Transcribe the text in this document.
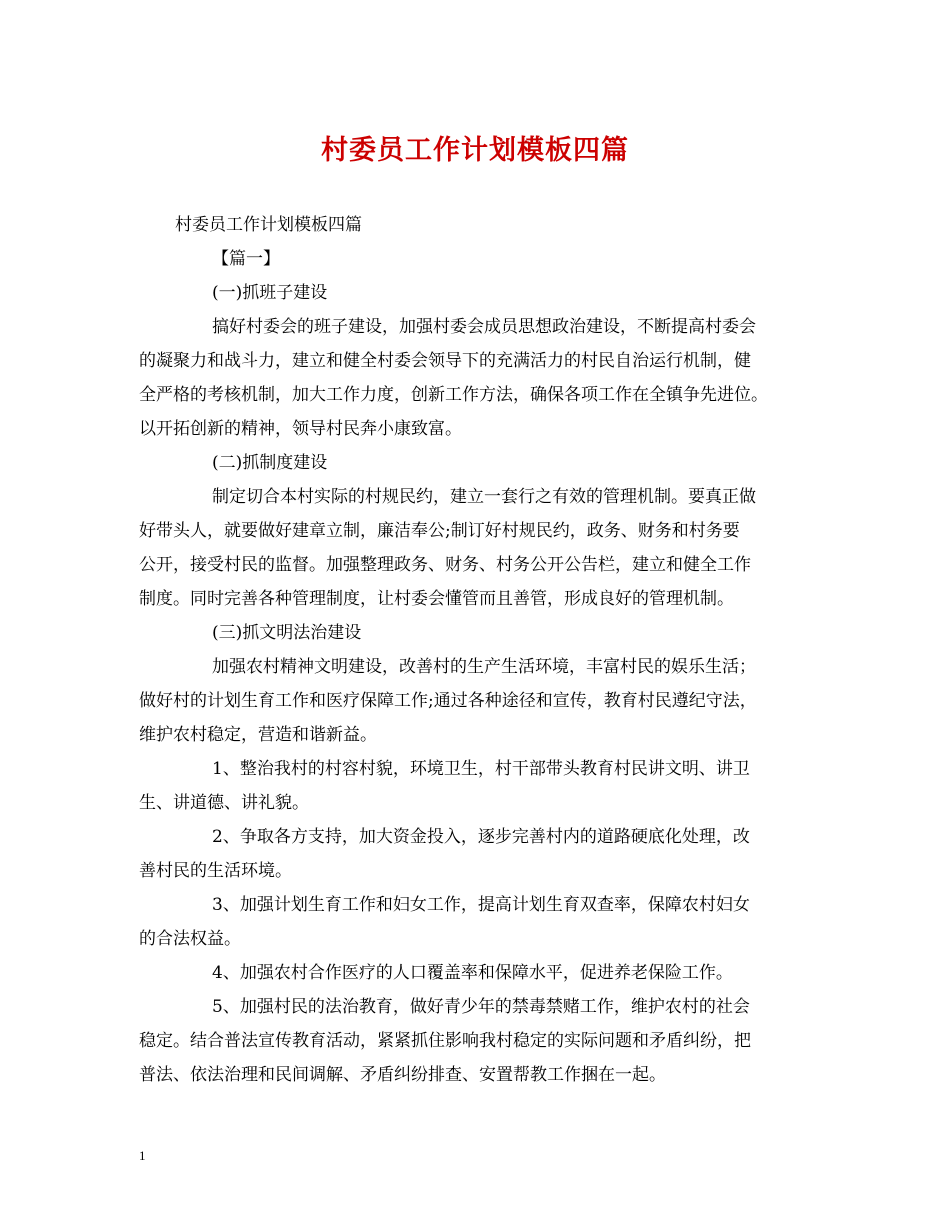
村委员工作计划模板四篇
村委员工作计划模板四篇
【篇一】
(一)抓班子建设
搞好村委会的班子建设，加强村委会成员思想政治建设，不断提高村委会
的凝聚力和战斗力，建立和健全村委会领导下的充满活力的村民自治运行机制，健
全严格的考核机制，加大工作力度，创新工作方法，确保各项工作在全镇争先进位。
以开拓创新的精神，领导村民奔小康致富。
(二)抓制度建设
制定切合本村实际的村规民约，建立一套行之有效的管理机制。要真正做
好带头人，就要做好建章立制，廉洁奉公;制订好村规民约，政务、财务和村务要
公开，接受村民的监督。加强整理政务、财务、村务公开公告栏，建立和健全工作
制度。同时完善各种管理制度，让村委会懂管而且善管，形成良好的管理机制。
(三)抓文明法治建设
加强农村精神文明建设，改善村的生产生活环境，丰富村民的娱乐生活；
做好村的计划生育工作和医疗保障工作;通过各种途径和宣传，教育村民遵纪守法，
维护农村稳定，营造和谐新益。
1、整治我村的村容村貌，环境卫生，村干部带头教育村民讲文明、讲卫
生、讲道德、讲礼貌。
2、争取各方支持，加大资金投入，逐步完善村内的道路硬底化处理，改
善村民的生活环境。
3、加强计划生育工作和妇女工作，提高计划生育双查率，保障农村妇女
的合法权益。
4、加强农村合作医疗的人口覆盖率和保障水平，促进养老保险工作。
5、加强村民的法治教育，做好青少年的禁毒禁赌工作，维护农村的社会
稳定。结合普法宣传教育活动，紧紧抓住影响我村稳定的实际问题和矛盾纠纷，把
普法、依法治理和民间调解、矛盾纠纷排查、安置帮教工作捆在一起。
1
